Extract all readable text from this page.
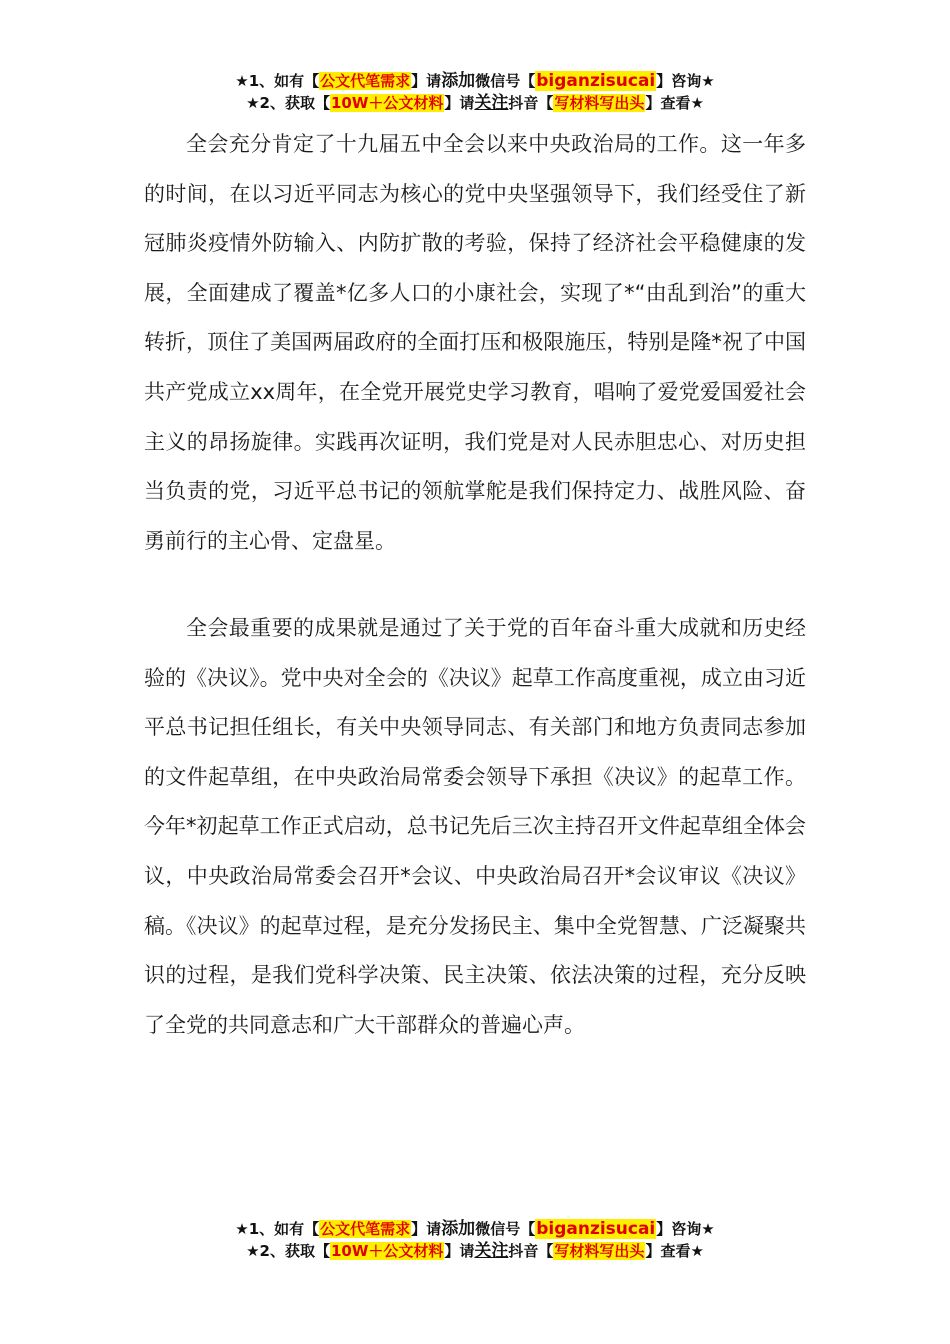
★1、如有【公文代笔需求】请添加微信号【biganzisucai】咨询★
★2、获取【10W＋公文材料】请关注抖音【写材料写出头】查看★

全会充分肯定了十九届五中全会以来中央政治局的工作。这一年多的时间，在以习近平同志为核心的党中央坚强领导下，我们经受住了新冠肺炎疫情外防输入、内防扩散的考验，保持了经济社会平稳健康的发展，全面建成了覆盖*亿多人口的小康社会，实现了*“由乱到治”的重大转折，顶住了美国两届政府的全面打压和极限施压，特别是隆*祝了中国共产党成立xx周年，在全党开展党史学习教育，唱响了爱党爱国爱社会主义的昂扬旋律。实践再次证明，我们党是对人民赤胆忠心、对历史担当负责的党，习近平总书记的领航掌舵是我们保持定力、战胜风险、奋勇前行的主心骨、定盘星。

全会最重要的成果就是通过了关于党的百年奋斗重大成就和历史经验的《决议》。党中央对全会的《决议》起草工作高度重视，成立由习近平总书记担任组长，有关中央领导同志、有关部门和地方负责同志参加的文件起草组，在中央政治局常委会领导下承担《决议》的起草工作。今年*初起草工作正式启动，总书记先后三次主持召开文件起草组全体会议，中央政治局常委会召开*会议、中央政治局召开*会议审议《决议》稿。《决议》的起草过程，是充分发扬民主、集中全党智慧、广泛凝聚共识的过程，是我们党科学决策、民主决策、依法决策的过程，充分反映了全党的共同意志和广大干部群众的普遍心声。

★1、如有【公文代笔需求】请添加微信号【biganzisucai】咨询★
★2、获取【10W＋公文材料】请关注抖音【写材料写出头】查看★
